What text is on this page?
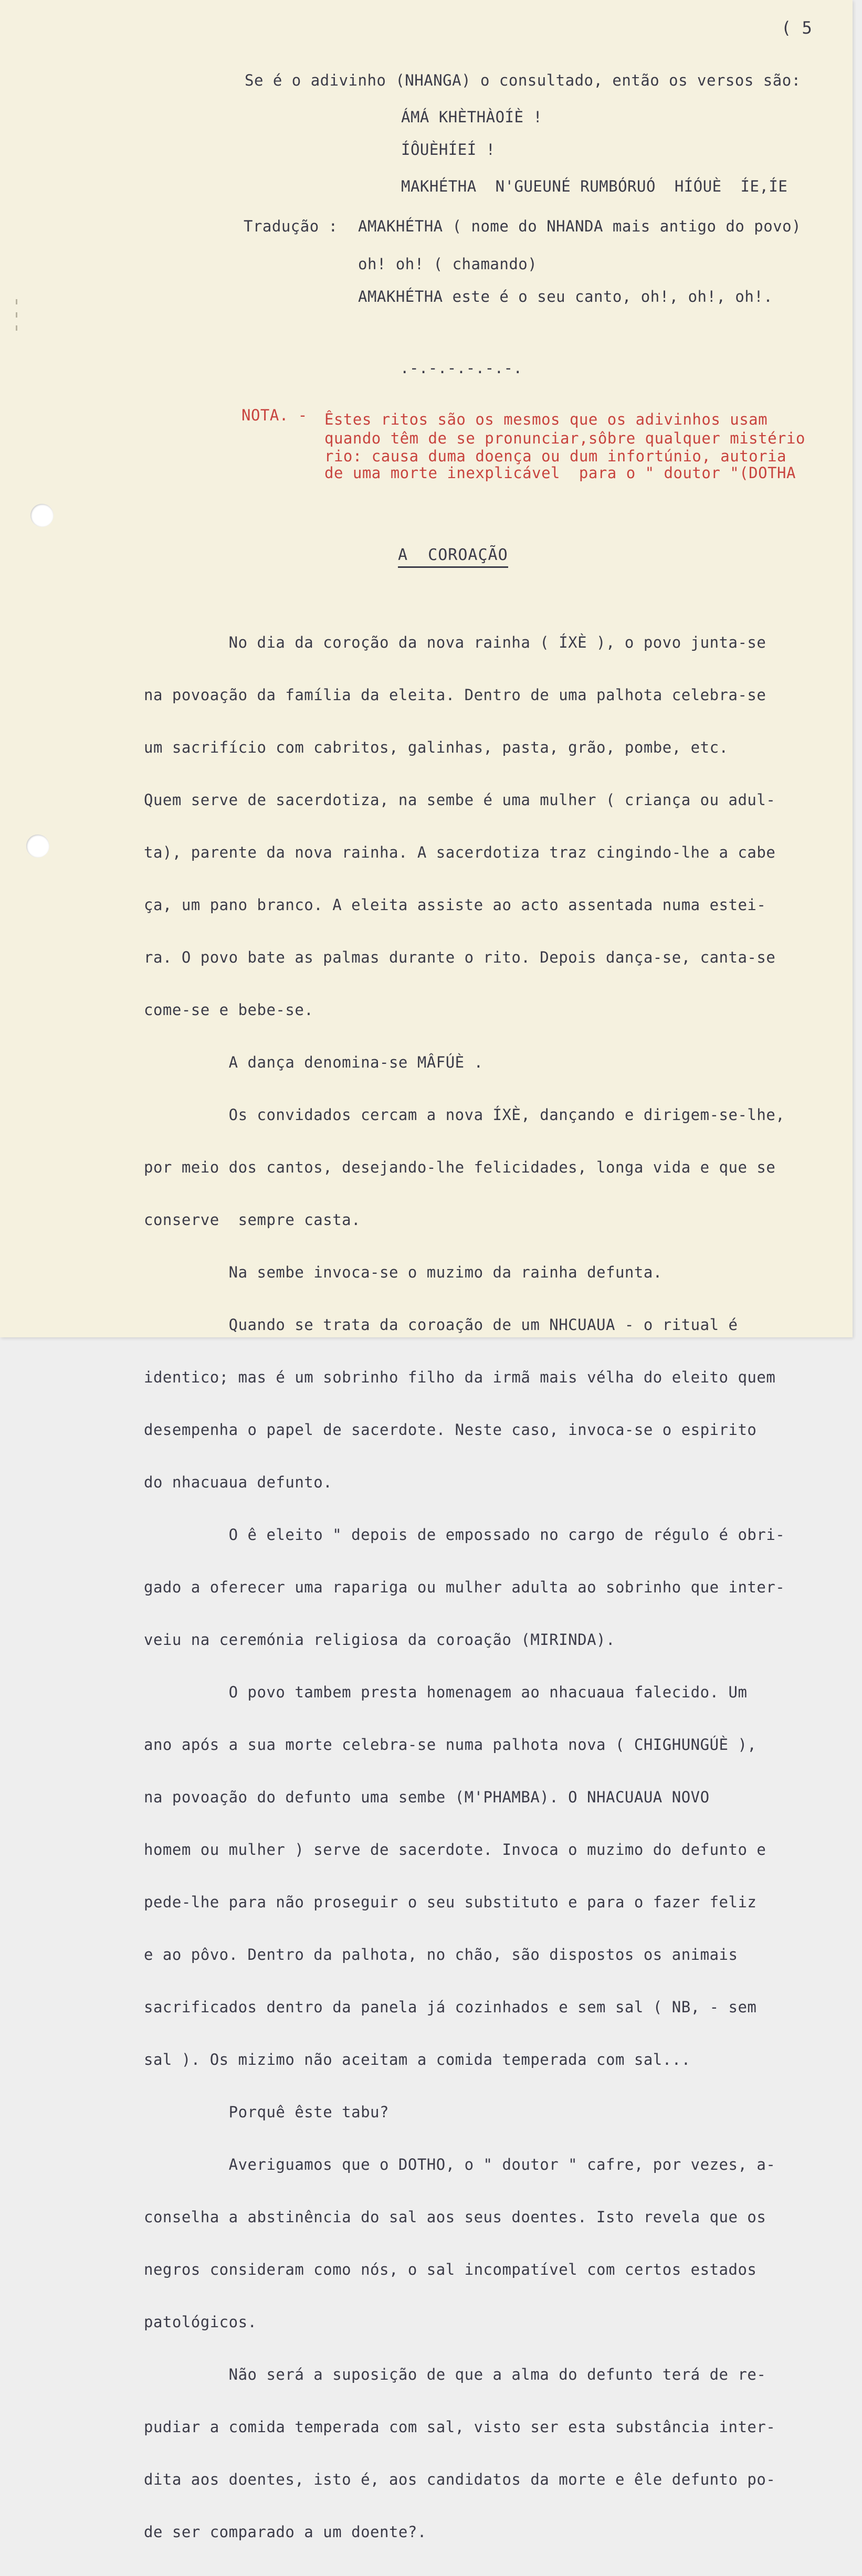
( 5
Se é o adivinho (NHANGA) o consultado, então os versos são:
ÁMÁ KHÈTHÀOÍÈ !
ÍÔUÈHÍEÍ !
MAKHÉTHA  N'GUEUNÉ RUMBÓRUÓ  HÍÓUÈ  ÍE,ÍE
Tradução : AMAKHÉTHA ( nome do NHANDA mais antigo do povo)
oh! oh! ( chamando)
AMAKHÉTHA este é o seu canto, oh!, oh!, oh!.
.-.-.-.-.-.-.
NOTA. - Êstes ritos são os mesmos que os adivinhos usam
quando têm de se pronunciar,sôbre qualquer mistério
rio: causa duma doença ou dum infortúnio, autoria
de uma morte inexplicável  para o " doutor "(DOTHA
A  COROAÇÃO

No dia da coroção da nova rainha ( ÍXÈ ), o povo junta-se

na povoação da família da eleita. Dentro de uma palhota celebra-se

um sacrifício com cabritos, galinhas, pasta, grão, pombe, etc.

Quem serve de sacerdotiza, na sembe é uma mulher ( criança ou adul-

ta), parente da nova rainha. A sacerdotiza traz cingindo-lhe a cabe

ça, um pano branco. A eleita assiste ao acto assentada numa estei-

ra. O povo bate as palmas durante o rito. Depois dança-se, canta-se

come-se e bebe-se.

A dança denomina-se MÂFÚÈ .

Os convidados cercam a nova ÍXÈ, dançando e dirigem-se-lhe,

por meio dos cantos, desejando-lhe felicidades, longa vida e que se

conserve  sempre casta.

Na sembe invoca-se o muzimo da rainha defunta.

Quando se trata da coroação de um NHCUAUA - o ritual é

identico; mas é um sobrinho filho da irmã mais vélha do eleito quem

desempenha o papel de sacerdote. Neste caso, invoca-se o espirito

do nhacuaua defunto.

O ê eleito " depois de empossado no cargo de régulo é obri-

gado a oferecer uma rapariga ou mulher adulta ao sobrinho que inter-

veiu na ceremónia religiosa da coroação (MIRINDA).

O povo tambem presta homenagem ao nhacuaua falecido. Um

ano após a sua morte celebra-se numa palhota nova ( CHIGHUNGÚÈ ),

na povoação do defunto uma sembe (M'PHAMBA). O NHACUAUA NOVO

homem ou mulher ) serve de sacerdote. Invoca o muzimo do defunto e

pede-lhe para não proseguir o seu substituto e para o fazer feliz

e ao pôvo. Dentro da palhota, no chão, são dispostos os animais

sacrificados dentro da panela já cozinhados e sem sal ( NB, - sem

sal ). Os mizimo não aceitam a comida temperada com sal...

Porquê êste tabu?

Averiguamos que o DOTHO, o " doutor " cafre, por vezes, a-

conselha a abstinência do sal aos seus doentes. Isto revela que os

negros consideram como nós, o sal incompatível com certos estados

patológicos.

Não será a suposição de que a alma do defunto terá de re-

pudiar a comida temperada com sal, visto ser esta substância inter-

dita aos doentes, isto é, aos candidatos da morte e êle defunto po-

de ser comparado a um doente?.
